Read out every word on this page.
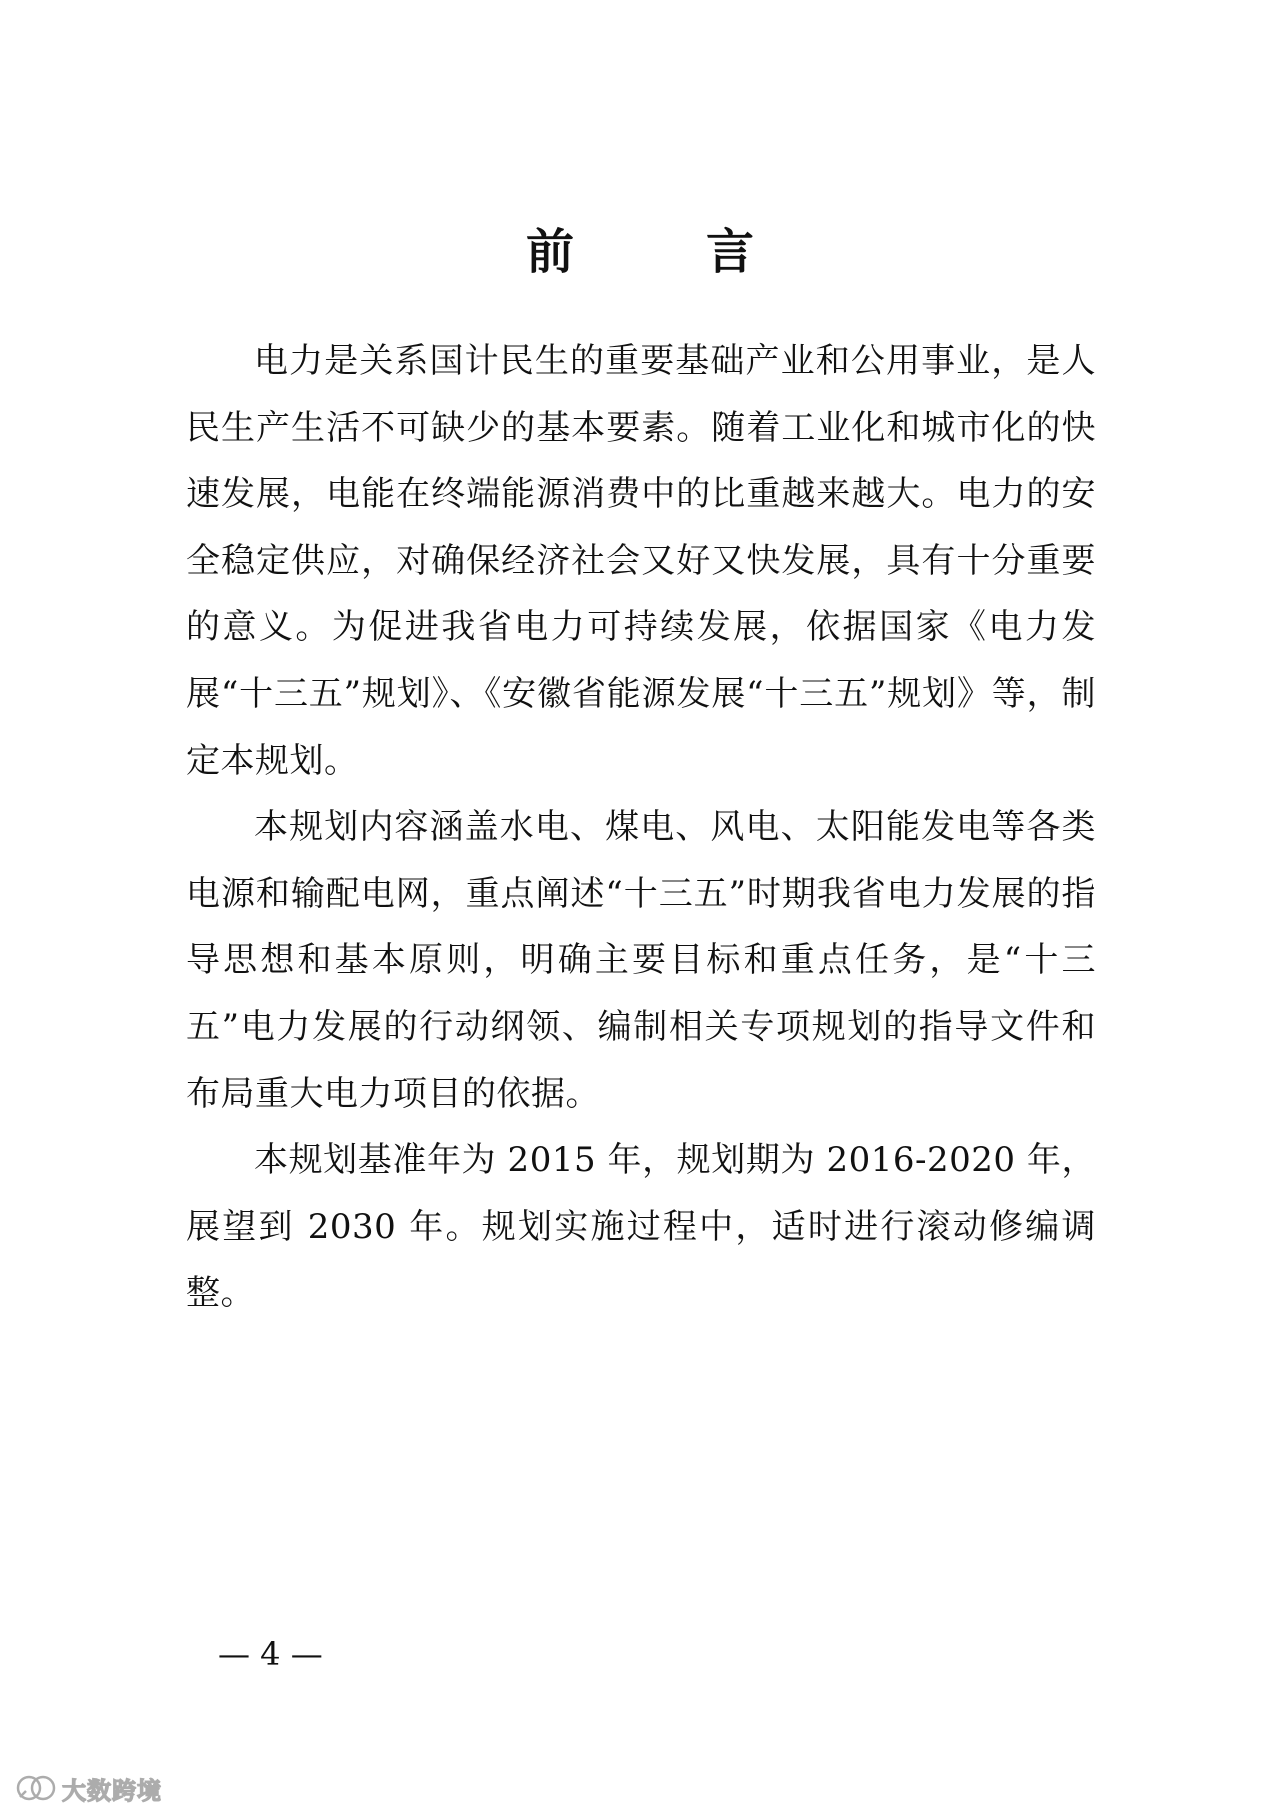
前　言

电力是关系国计民生的重要基础产业和公用事业，是人民生产生活不可缺少的基本要素。随着工业化和城市化的快速发展，电能在终端能源消费中的比重越来越大。电力的安全稳定供应，对确保经济社会又好又快发展，具有十分重要的意义。为促进我省电力可持续发展，依据国家《电力发展“十三五”规划》、《安徽省能源发展“十三五”规划》等，制定本规划。

本规划内容涵盖水电、煤电、风电、太阳能发电等各类电源和输配电网，重点阐述“十三五”时期我省电力发展的指导思想和基本原则，明确主要目标和重点任务，是“十三五”电力发展的行动纲领、编制相关专项规划的指导文件和布局重大电力项目的依据。

本规划基准年为 2015 年，规划期为 2016-2020 年，展望到 2030 年。规划实施过程中，适时进行滚动修编调整。

— 4 —

大数跨境
